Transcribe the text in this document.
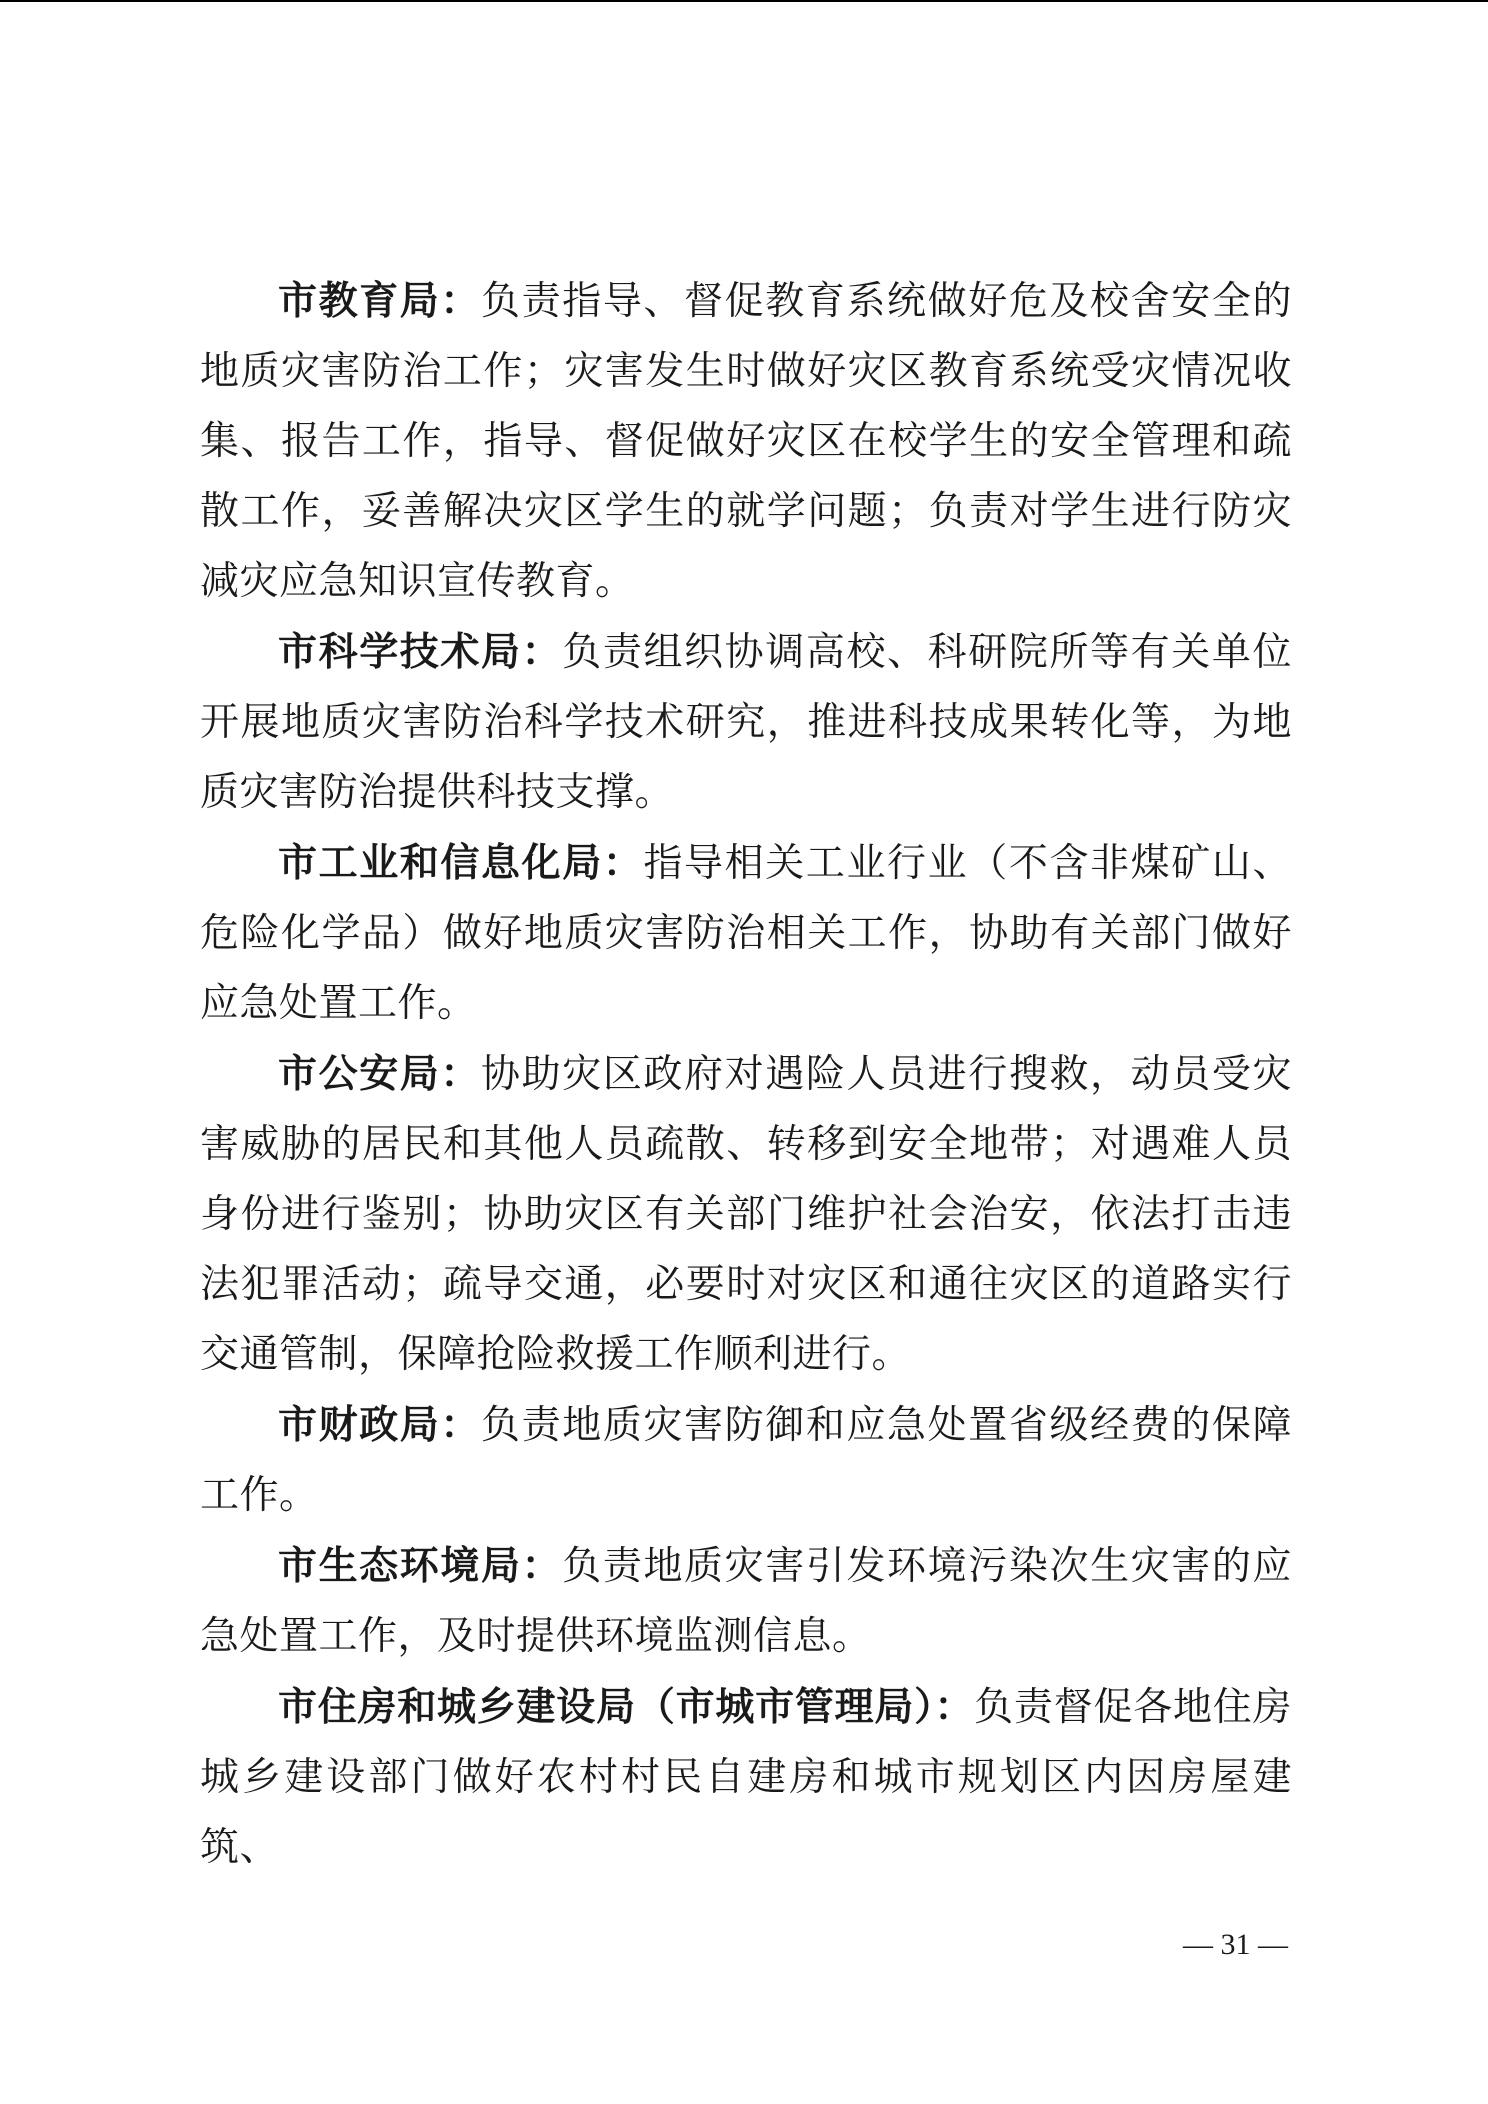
市教育局：负责指导、督促教育系统做好危及校舍安全的地质灾害防治工作；灾害发生时做好灾区教育系统受灾情况收集、报告工作，指导、督促做好灾区在校学生的安全管理和疏散工作，妥善解决灾区学生的就学问题；负责对学生进行防灾减灾应急知识宣传教育。

市科学技术局：负责组织协调高校、科研院所等有关单位开展地质灾害防治科学技术研究，推进科技成果转化等，为地质灾害防治提供科技支撑。

市工业和信息化局：指导相关工业行业（不含非煤矿山、危险化学品）做好地质灾害防治相关工作，协助有关部门做好应急处置工作。

市公安局：协助灾区政府对遇险人员进行搜救，动员受灾害威胁的居民和其他人员疏散、转移到安全地带；对遇难人员身份进行鉴别；协助灾区有关部门维护社会治安，依法打击违法犯罪活动；疏导交通，必要时对灾区和通往灾区的道路实行交通管制，保障抢险救援工作顺利进行。

市财政局：负责地质灾害防御和应急处置省级经费的保障工作。

市生态环境局：负责地质灾害引发环境污染次生灾害的应急处置工作，及时提供环境监测信息。

市住房和城乡建设局（市城市管理局）：负责督促各地住房城乡建设部门做好农村村民自建房和城市规划区内因房屋建筑、

— 31 —
